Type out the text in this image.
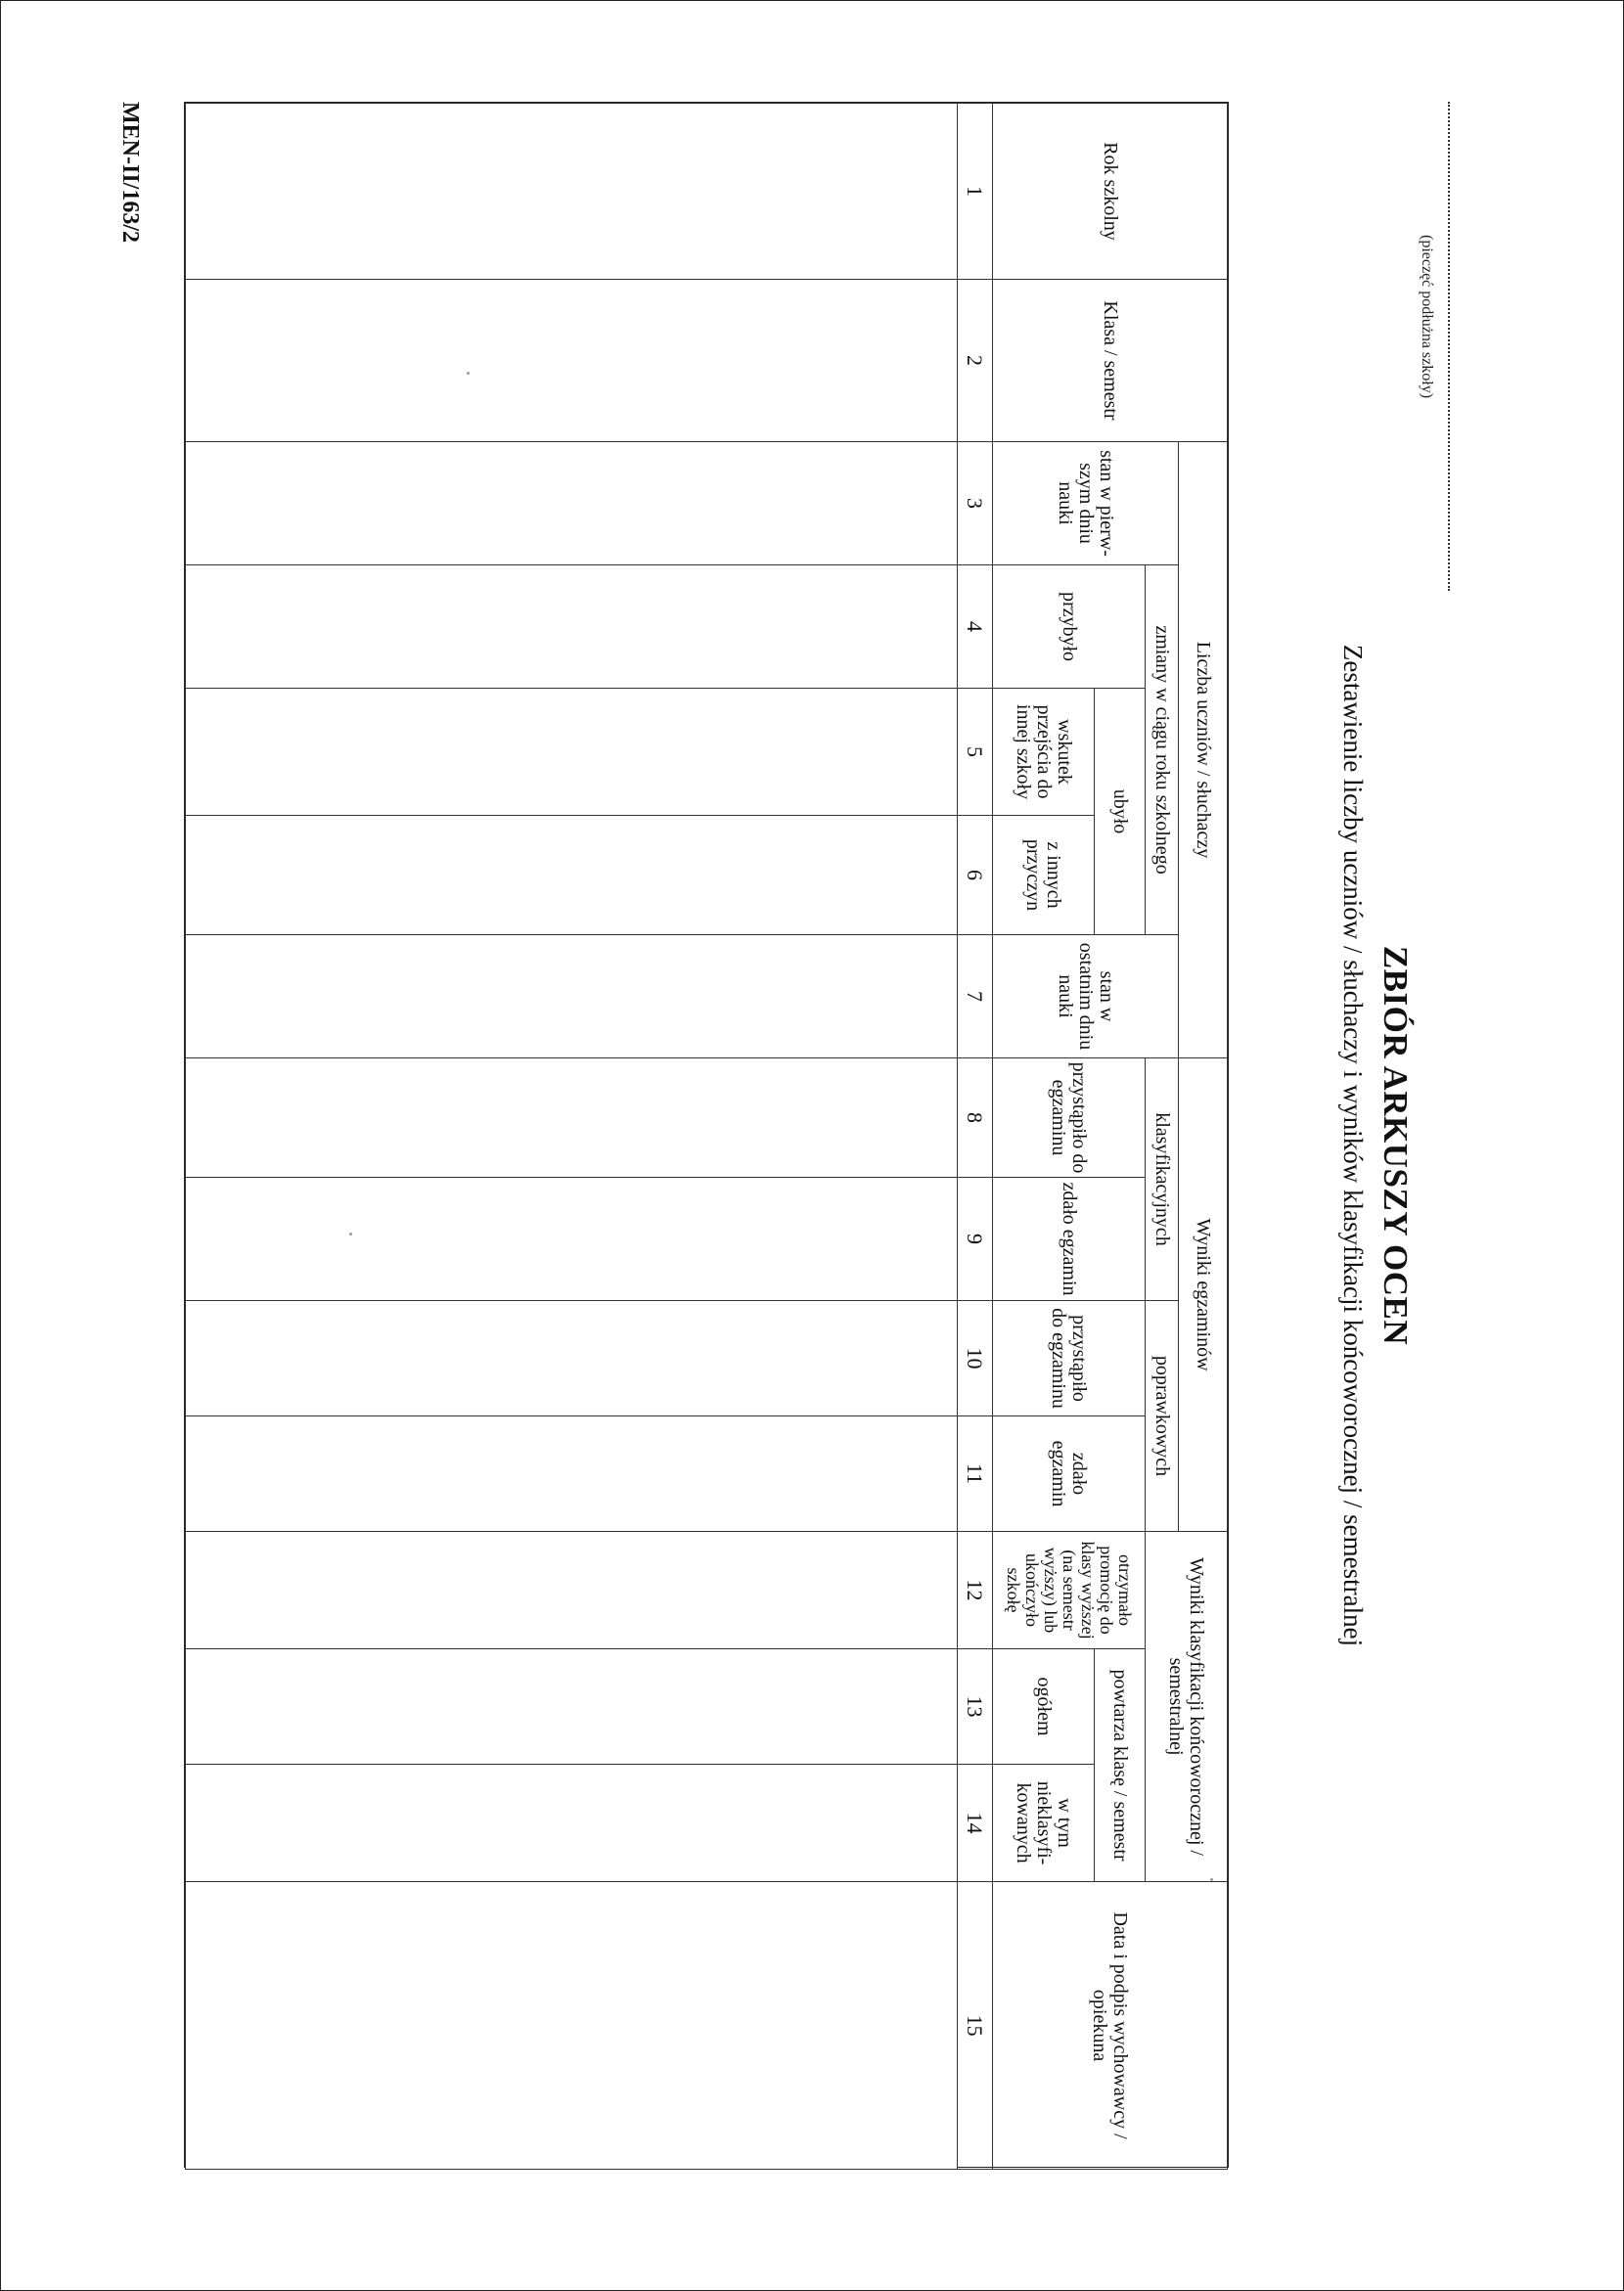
(pieczęć podłużna szkoły)
ZBIÓR ARKUSZY OCEN
Zestawienie liczby uczniów / słuchaczy i wyników klasyfikacji końcoworocznej / semestralnej
Rok szkolny	Klasa / semestr	Liczba uczniów / słuchaczy					Wyniki egzaminów				Wyniki klasyfikacji końcoworocznej / semestralnej			Data i podpis wychowawcy / opiekuna
		stan w pierw-szym dniu nauki	zmiany w ciągu roku szkolnego			stan w ostatnim dniu nauki	klasyfikacyjnych		poprawkowych					
			przybyło	ubyło			przystąpiło do egzaminu	zdało egzamin	przystąpiło do egzaminu	zdało egzamin	otrzymało promocję do klasy wyższej (na semestr wyższy) lub ukończyło szkołę	powtarza klasę / semestr		
				wskutek przejścia do innej szkoły	z innych przyczyn							ogółem	w tym nieklasyfi-kowanych	
1	2	3	4	5	6	7	8	9	10	11	12	13	14	15

MEN-II/163/2
